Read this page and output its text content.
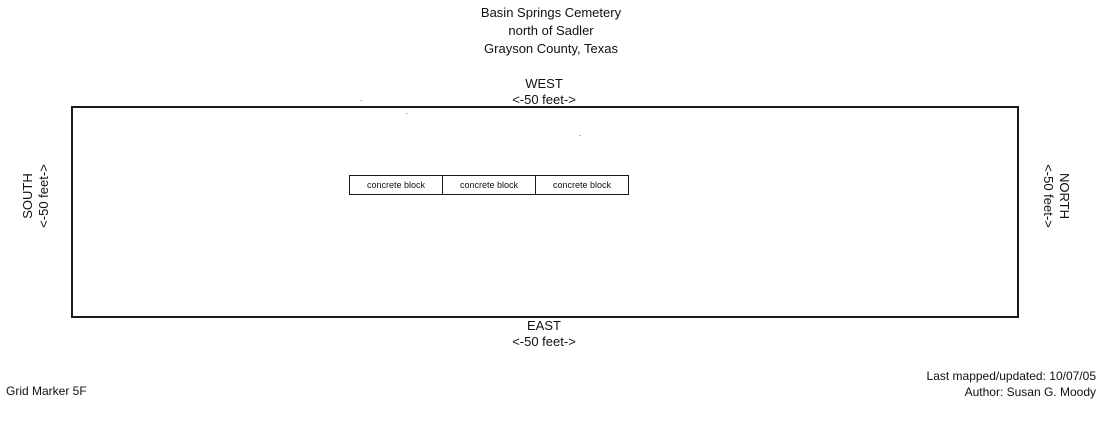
Basin Springs Cemetery
north of Sadler
Grayson County, Texas
WEST
<-50 feet->
SOUTH <-50 feet->	NORTH
<-50 feet->
concrete block	concrete block	concrete block
EAST
<-50 feet->
Grid Marker 5F
Last mapped/updated: 10/07/05
Author: Susan G. Moody
